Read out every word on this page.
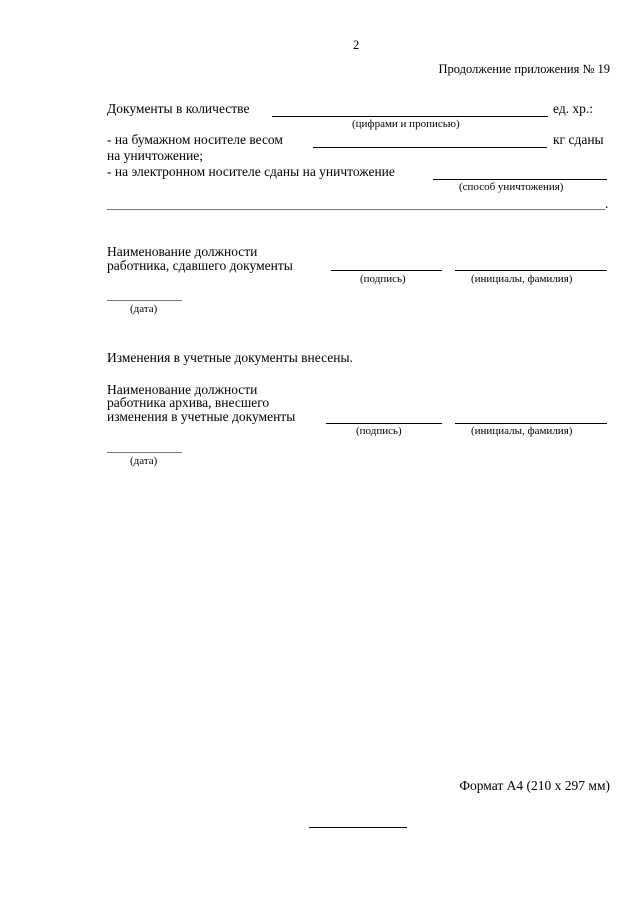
2
Продолжение приложения № 19
Документы в количестве	ед. хр.:
(цифрами и прописью)
- на бумажном носителе весом	кг сданы
на уничтожение;
- на электронном носителе сданы на уничтожение
(способ уничтожения)
.
Наименование должности
работника, сдавшего документы
(подпись)	(инициалы, фамилия)
(дата)
Изменения в учетные документы внесены.
Наименование должности
работника архива, внесшего
изменения в учетные документы
(подпись)	(инициалы, фамилия)
(дата)
Формат А4 (210 х 297 мм)
